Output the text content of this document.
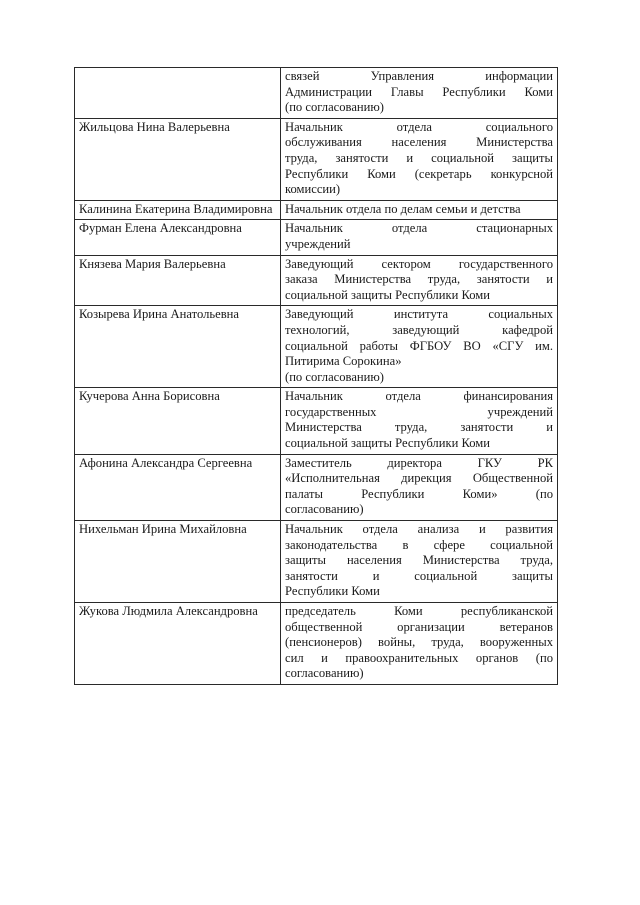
	связей Управления информации
Администрации Главы Республики Коми
(по согласованию)

Жильцова Нина Валерьевна	Начальник отдела социального
обслуживания населения Министерства
труда, занятости и социальной защиты
Республики Коми (секретарь конкурсной
комиссии)

Калинина Екатерина Владимировна	Начальник отдела по делам семьи и детства

Фурман Елена Александровна	Начальник отдела стационарных
учреждений

Князева Мария Валерьевна	Заведующий сектором государственного
заказа Министерства труда, занятости и
социальной защиты Республики Коми

Козырева Ирина Анатольевна	Заведующий института социальных
технологий, заведующий кафедрой
социальной работы ФГБОУ ВО «СГУ им.
Питирима Сорокина»
(по согласованию)

Кучерова Анна Борисовна	Начальник отдела финансирования
государственных учреждений
Министерства труда, занятости и
социальной защиты Республики Коми

Афонина Александра Сергеевна	Заместитель директора ГКУ РК
«Исполнительная дирекция Общественной
палаты Республики Коми» (по
согласованию)

Нихельман Ирина Михайловна	Начальник отдела анализа и развития
законодательства в сфере социальной
защиты населения Министерства труда,
занятости и социальной защиты
Республики Коми

Жукова Людмила Александровна	председатель Коми республиканской
общественной организации ветеранов
(пенсионеров) войны, труда, вооруженных
сил и правоохранительных органов (по
согласованию)
